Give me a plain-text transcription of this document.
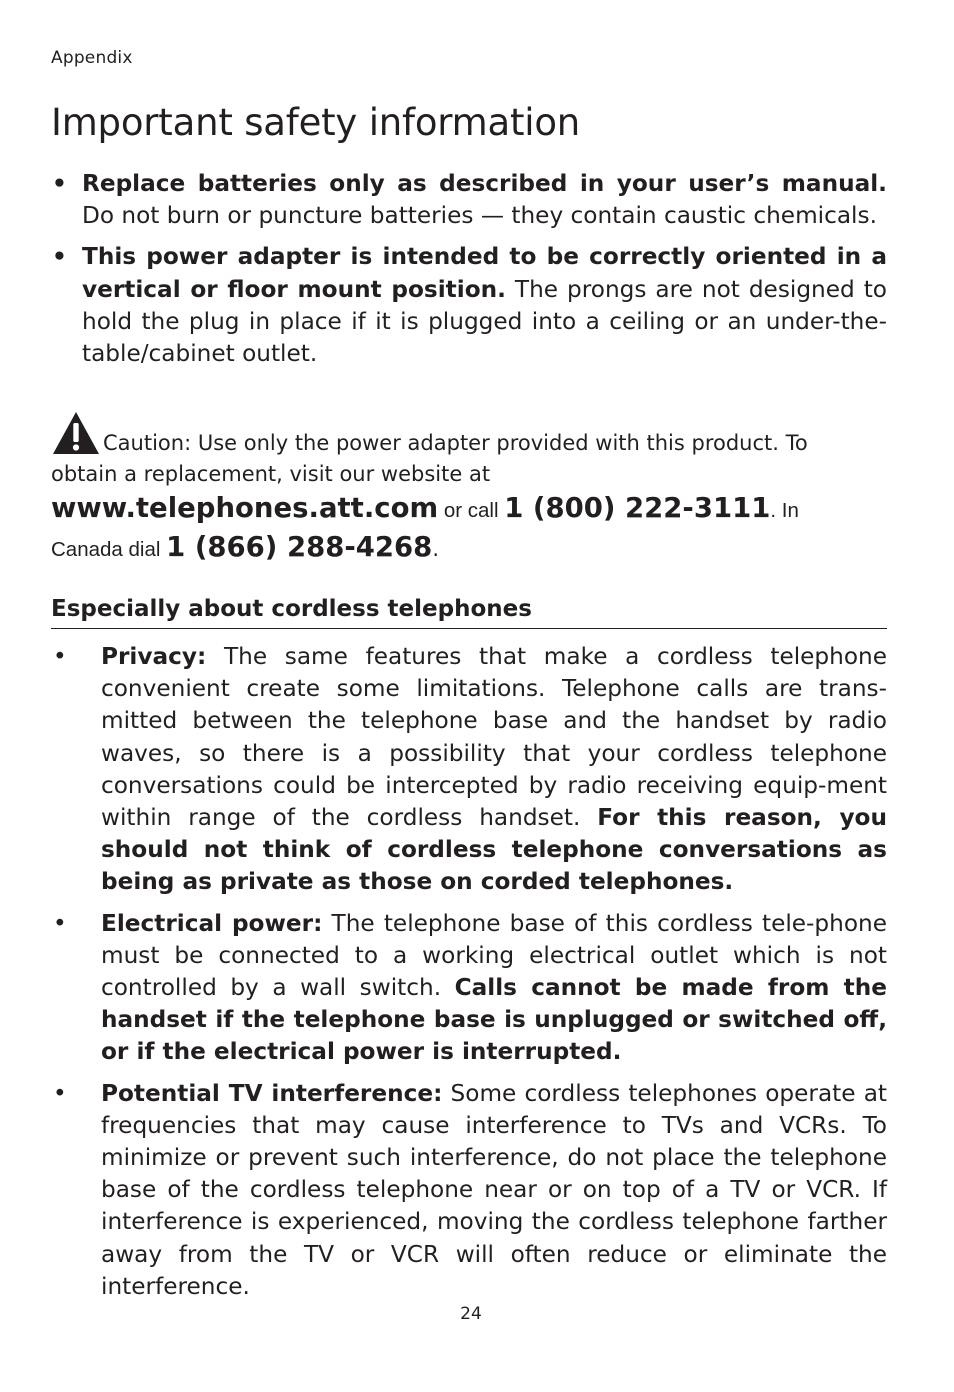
Appendix
Important safety information
• Replace batteries only as described in your user’s manual. Do not burn or puncture batteries — they contain caustic chemicals.
• This power adapter is intended to be correctly oriented in a vertical or floor mount position. The prongs are not designed to hold the plug in place if it is plugged into a ceiling or an under-the-table/cabinet outlet.
Caution: Use only the power adapter provided with this product. To
obtain a replacement, visit our website at
www.telephones.att.com or call 1 (800) 222-3111. In
Canada dial 1 (866) 288-4268.
Especially about cordless telephones
• Privacy: The same features that make a cordless telephone convenient create some limitations. Telephone calls are trans-mitted between the telephone base and the handset by radio waves, so there is a possibility that your cordless telephone conversations could be intercepted by radio receiving equip-ment within range of the cordless handset. For this reason, you should not think of cordless telephone conversations as being as private as those on corded telephones.
• Electrical power: The telephone base of this cordless tele-phone must be connected to a working electrical outlet which is not controlled by a wall switch. Calls cannot be made from the handset if the telephone base is unplugged or switched off, or if the electrical power is interrupted.
• Potential TV interference: Some cordless telephones operate at frequencies that may cause interference to TVs and VCRs. To minimize or prevent such interference, do not place the telephone base of the cordless telephone near or on top of a TV or VCR. If interference is experienced, moving the cordless telephone farther away from the TV or VCR will often reduce or eliminate the interference.
24
